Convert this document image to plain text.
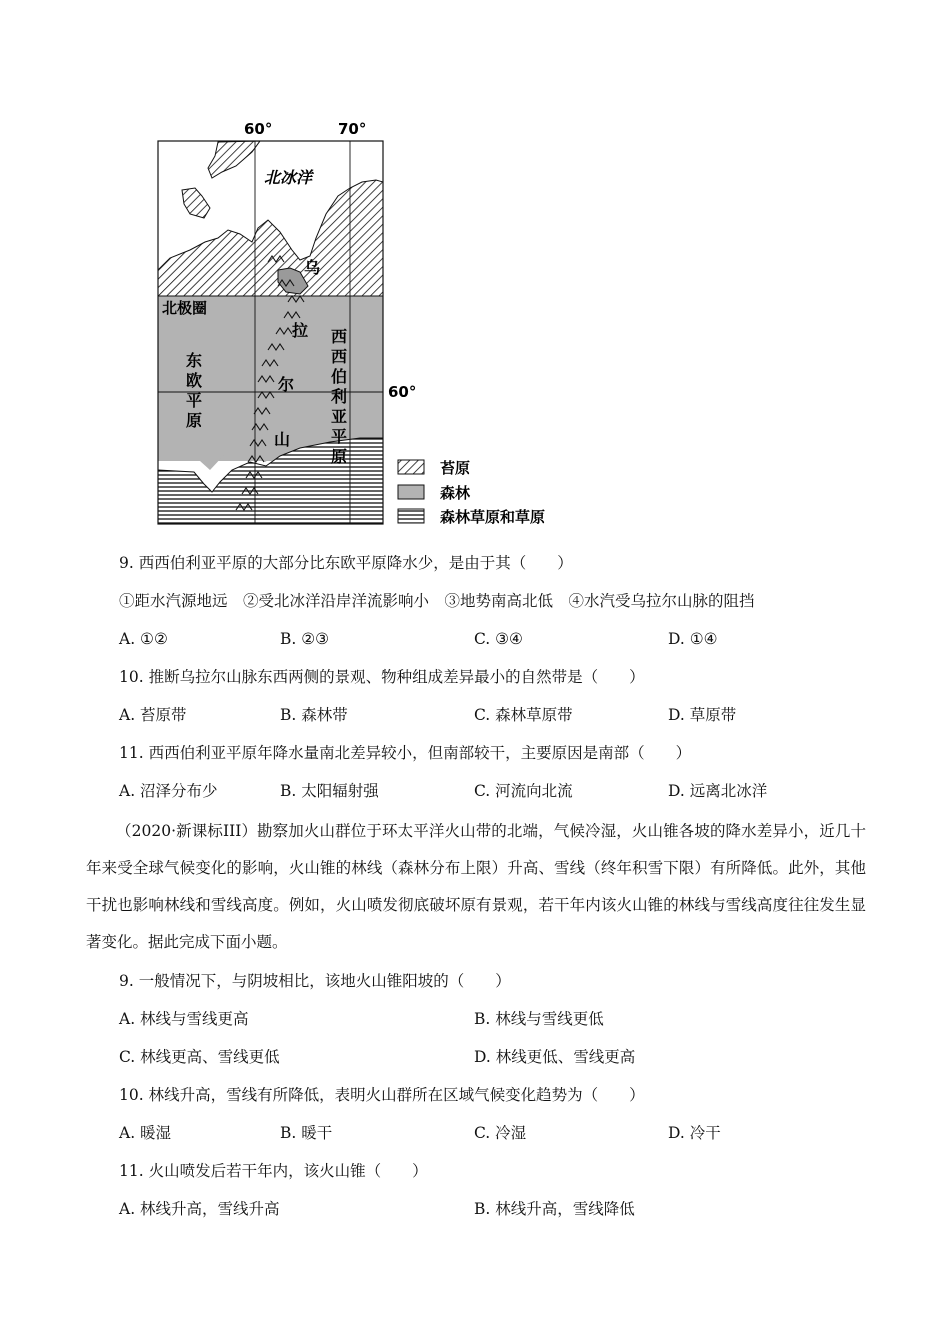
60°	70°
60°
北冰洋
北极圈
东
欧
平
原
西
西
伯
利
亚
平
原
乌
拉
尔
山
苔原
森林
森林草原和草原
9. 西西伯利亚平原的大部分比东欧平原降水少，是由于其（　　）
①距水汽源地远　②受北冰洋沿岸洋流影响小　③地势南高北低　④水汽受乌拉尔山脉的阻挡
A. ①②	B. ②③	C. ③④	D. ①④
10. 推断乌拉尔山脉东西两侧的景观、物种组成差异最小的自然带是（　　）
A. 苔原带	B. 森林带	C. 森林草原带	D. 草原带
11. 西西伯利亚平原年降水量南北差异较小，但南部较干，主要原因是南部（　　）
A. 沼泽分布少	B. 太阳辐射强	C. 河流向北流	D. 远离北冰洋
（2020·新课标III）勘察加火山群位于环太平洋火山带的北端，气候冷湿，火山锥各坡的降水差异小，近几十年来受全球气候变化的影响，火山锥的林线（森林分布上限）升高、雪线（终年积雪下限）有所降低。此外，其他干扰也影响林线和雪线高度。例如，火山喷发彻底破坏原有景观，若干年内该火山锥的林线与雪线高度往往发生显著变化。据此完成下面小题。
9. 一般情况下，与阴坡相比，该地火山锥阳坡的（　　）
A. 林线与雪线更高	B. 林线与雪线更低
C. 林线更高、雪线更低	D. 林线更低、雪线更高
10. 林线升高，雪线有所降低，表明火山群所在区域气候变化趋势为（　　）
A. 暖湿	B. 暖干	C. 冷湿	D. 冷干
11. 火山喷发后若干年内，该火山锥（　　）
A. 林线升高，雪线升高	B. 林线升高，雪线降低
